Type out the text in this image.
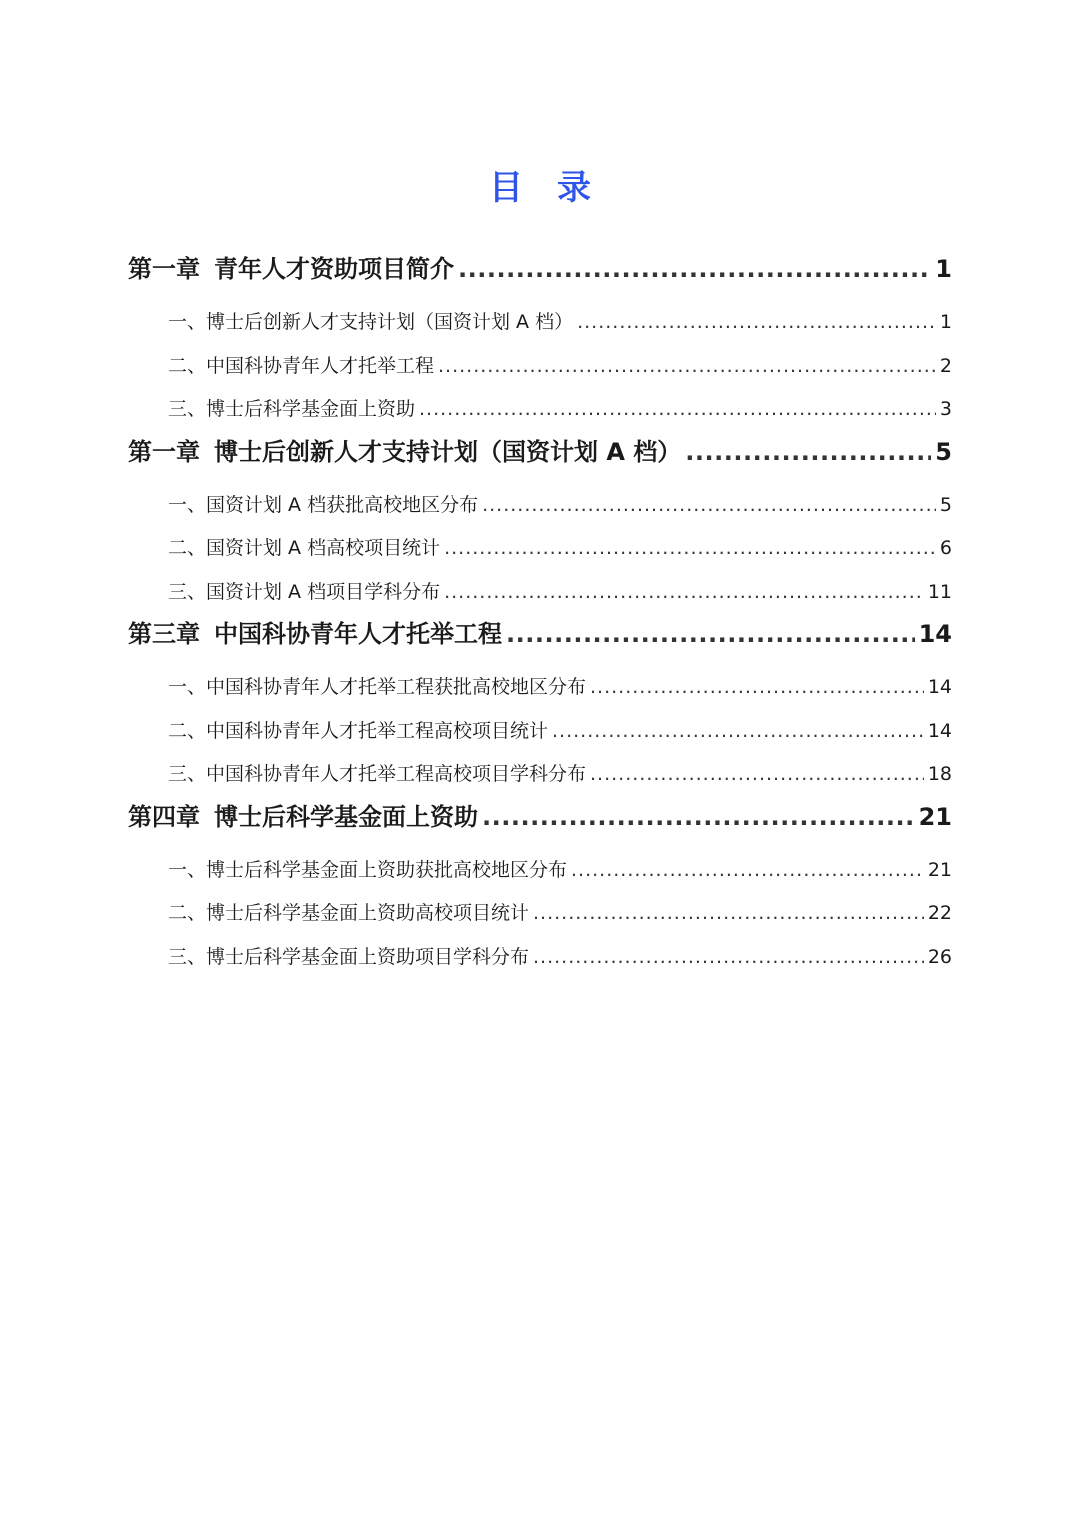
目 录
第一章 青年人才资助项目简介 .....	1
一、博士后创新人才支持计划（国资计划 A 档） .....	1
二、中国科协青年人才托举工程 .....	2
三、博士后科学基金面上资助 .....	3
第一章 博士后创新人才支持计划（国资计划 A 档） .....	5
一、国资计划 A 档获批高校地区分布 .....	5
二、国资计划 A 档高校项目统计 .....	6
三、国资计划 A 档项目学科分布 .....	11
第三章 中国科协青年人才托举工程 .....	14
一、中国科协青年人才托举工程获批高校地区分布 .....	14
二、中国科协青年人才托举工程高校项目统计 .....	14
三、中国科协青年人才托举工程高校项目学科分布 .....	18
第四章 博士后科学基金面上资助 .....	21
一、博士后科学基金面上资助获批高校地区分布 .....	21
二、博士后科学基金面上资助高校项目统计 .....	22
三、博士后科学基金面上资助项目学科分布 .....	26
